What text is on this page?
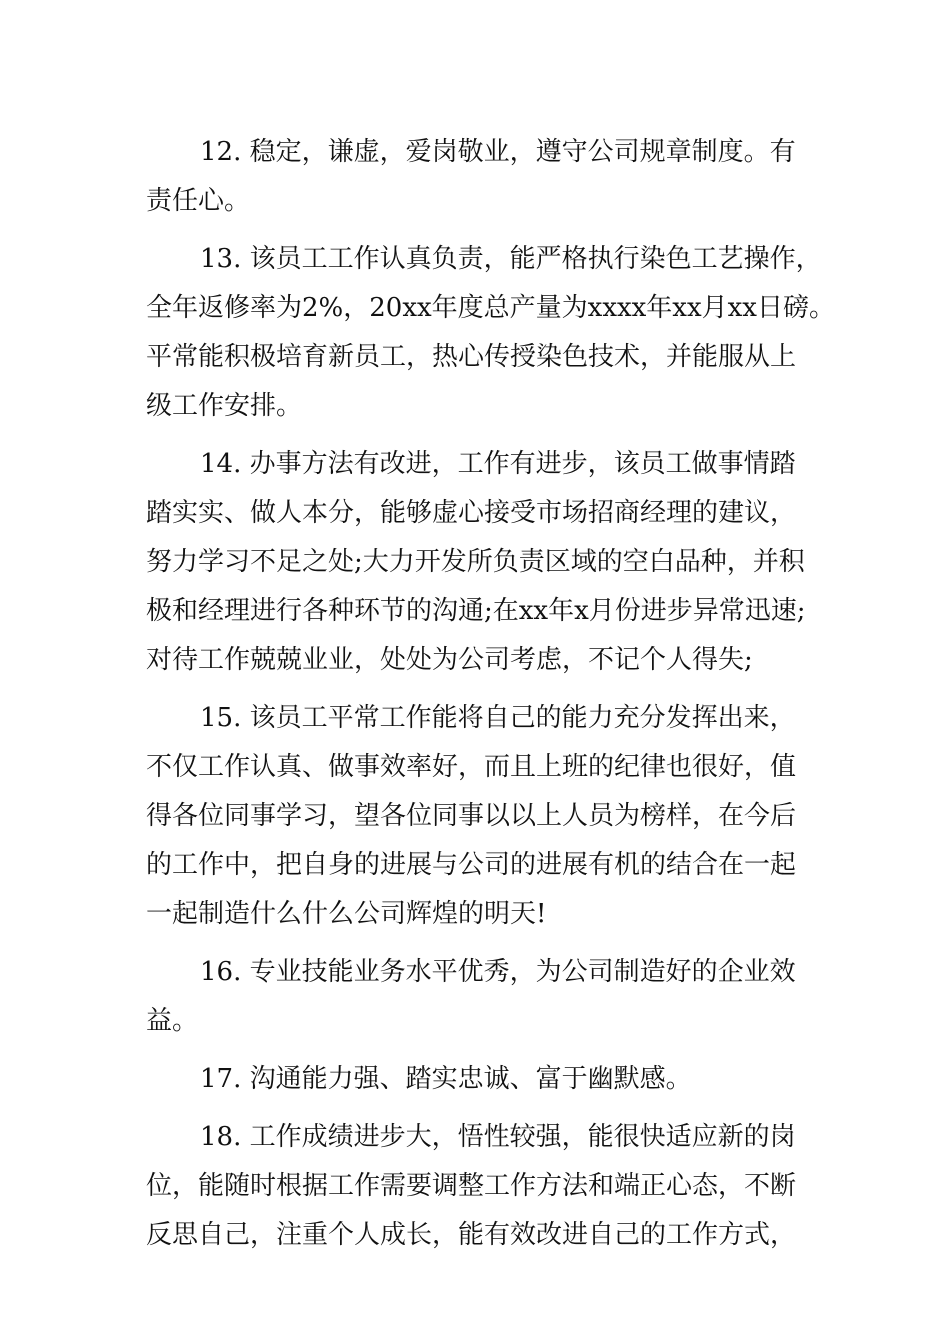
12. 稳定，谦虚，爱岗敬业，遵守公司规章制度。有
责任心。
13. 该员工工作认真负责，能严格执行染色工艺操作，
全年返修率为2%，20xx年度总产量为xxxx年xx月xx日磅。
平常能积极培育新员工，热心传授染色技术，并能服从上
级工作安排。
14. 办事方法有改进，工作有进步，该员工做事情踏
踏实实、做人本分，能够虚心接受市场招商经理的建议，
努力学习不足之处;大力开发所负责区域的空白品种，并积
极和经理进行各种环节的沟通;在xx年x月份进步异常迅速;
对待工作兢兢业业，处处为公司考虑，不记个人得失;
15. 该员工平常工作能将自己的能力充分发挥出来，
不仅工作认真、做事效率好，而且上班的纪律也很好，值
得各位同事学习，望各位同事以以上人员为榜样，在今后
的工作中，把自身的进展与公司的进展有机的结合在一起
一起制造什么什么公司辉煌的明天!
16. 专业技能业务水平优秀，为公司制造好的企业效
益。
17. 沟通能力强、踏实忠诚、富于幽默感。
18. 工作成绩进步大，悟性较强，能很快适应新的岗
位，能随时根据工作需要调整工作方法和端正心态，不断
反思自己，注重个人成长，能有效改进自己的工作方式，
